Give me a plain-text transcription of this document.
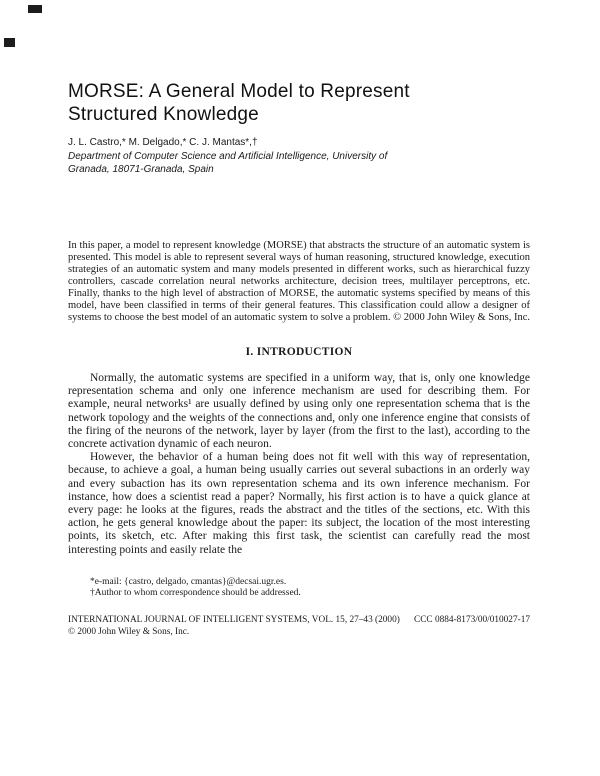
MORSE: A General Model to Represent
Structured Knowledge
J. L. Castro,* M. Delgado,* C. J. Mantas*,†
Department of Computer Science and Artificial Intelligence, University of
Granada, 18071-Granada, Spain

In this paper, a model to represent knowledge (MORSE) that abstracts the structure of an automatic system is presented. This model is able to represent several ways of human reasoning, structured knowledge, execution strategies of an automatic system and many models presented in different works, such as hierarchical fuzzy controllers, cascade correlation neural networks architecture, decision trees, multilayer perceptrons, etc. Finally, thanks to the high level of abstraction of MORSE, the automatic systems specified by means of this model, have been classified in terms of their general features. This classification could allow a designer of systems to choose the best model of an automatic system to solve a problem. © 2000 John Wiley & Sons, Inc.

I. INTRODUCTION

Normally, the automatic systems are specified in a uniform way, that is, only one knowledge representation schema and only one inference mechanism are used for describing them. For example, neural networks¹ are usually defined by using only one representation schema that is the network topology and the weights of the connections and, only one inference engine that consists of the firing of the neurons of the network, layer by layer (from the first to the last), according to the concrete activation dynamic of each neuron.

However, the behavior of a human being does not fit well with this way of representation, because, to achieve a goal, a human being usually carries out several subactions in an orderly way and every subaction has its own representation schema and its own inference mechanism. For instance, how does a scientist read a paper? Normally, his first action is to have a quick glance at every page: he looks at the figures, reads the abstract and the titles of the sections, etc. With this action, he gets general knowledge about the paper: its subject, the location of the most interesting points, its sketch, etc. After making this first task, the scientist can carefully read the most interesting points and easily relate the

*e-mail: {castro, delgado, cmantas}@decsai.ugr.es.
†Author to whom correspondence should be addressed.
INTERNATIONAL JOURNAL OF INTELLIGENT SYSTEMS, VOL. 15, 27–43 (2000) CCC 0884-8173/00/010027-17
© 2000 John Wiley & Sons, Inc.
